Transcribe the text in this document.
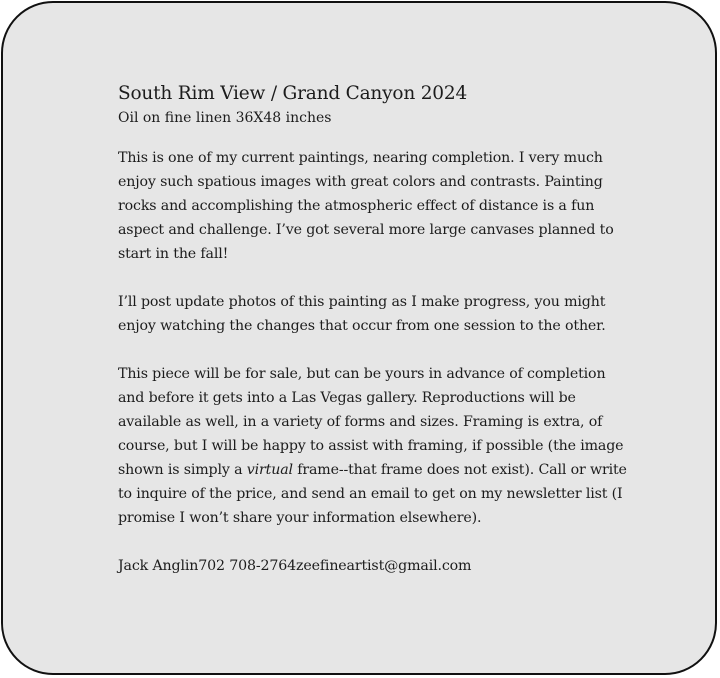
South Rim View / Grand Canyon 2024

Oil on fine linen 36X48 inches

This is one of my current paintings, nearing completion. I very much enjoy such spatious images with great colors and contrasts. Painting rocks and accomplishing the atmospheric effect of distance is a fun aspect and challenge. I’ve got several more large canvases planned to start in the fall!

I’ll post update photos of this painting as I make progress, you might enjoy watching the changes that occur from one session to the other.

This piece will be for sale, but can be yours in advance of completion and before it gets into a Las Vegas gallery. Reproductions will be available as well, in a variety of forms and sizes. Framing is extra, of course, but I will be happy to assist with framing, if possible (the image shown is simply a virtual frame--that frame does not exist). Call or write to inquire of the price, and send an email to get on my newsletter list (I promise I won’t share your information elsewhere).

Jack Anglin702 708-2764zeefineartist@gmail.com
